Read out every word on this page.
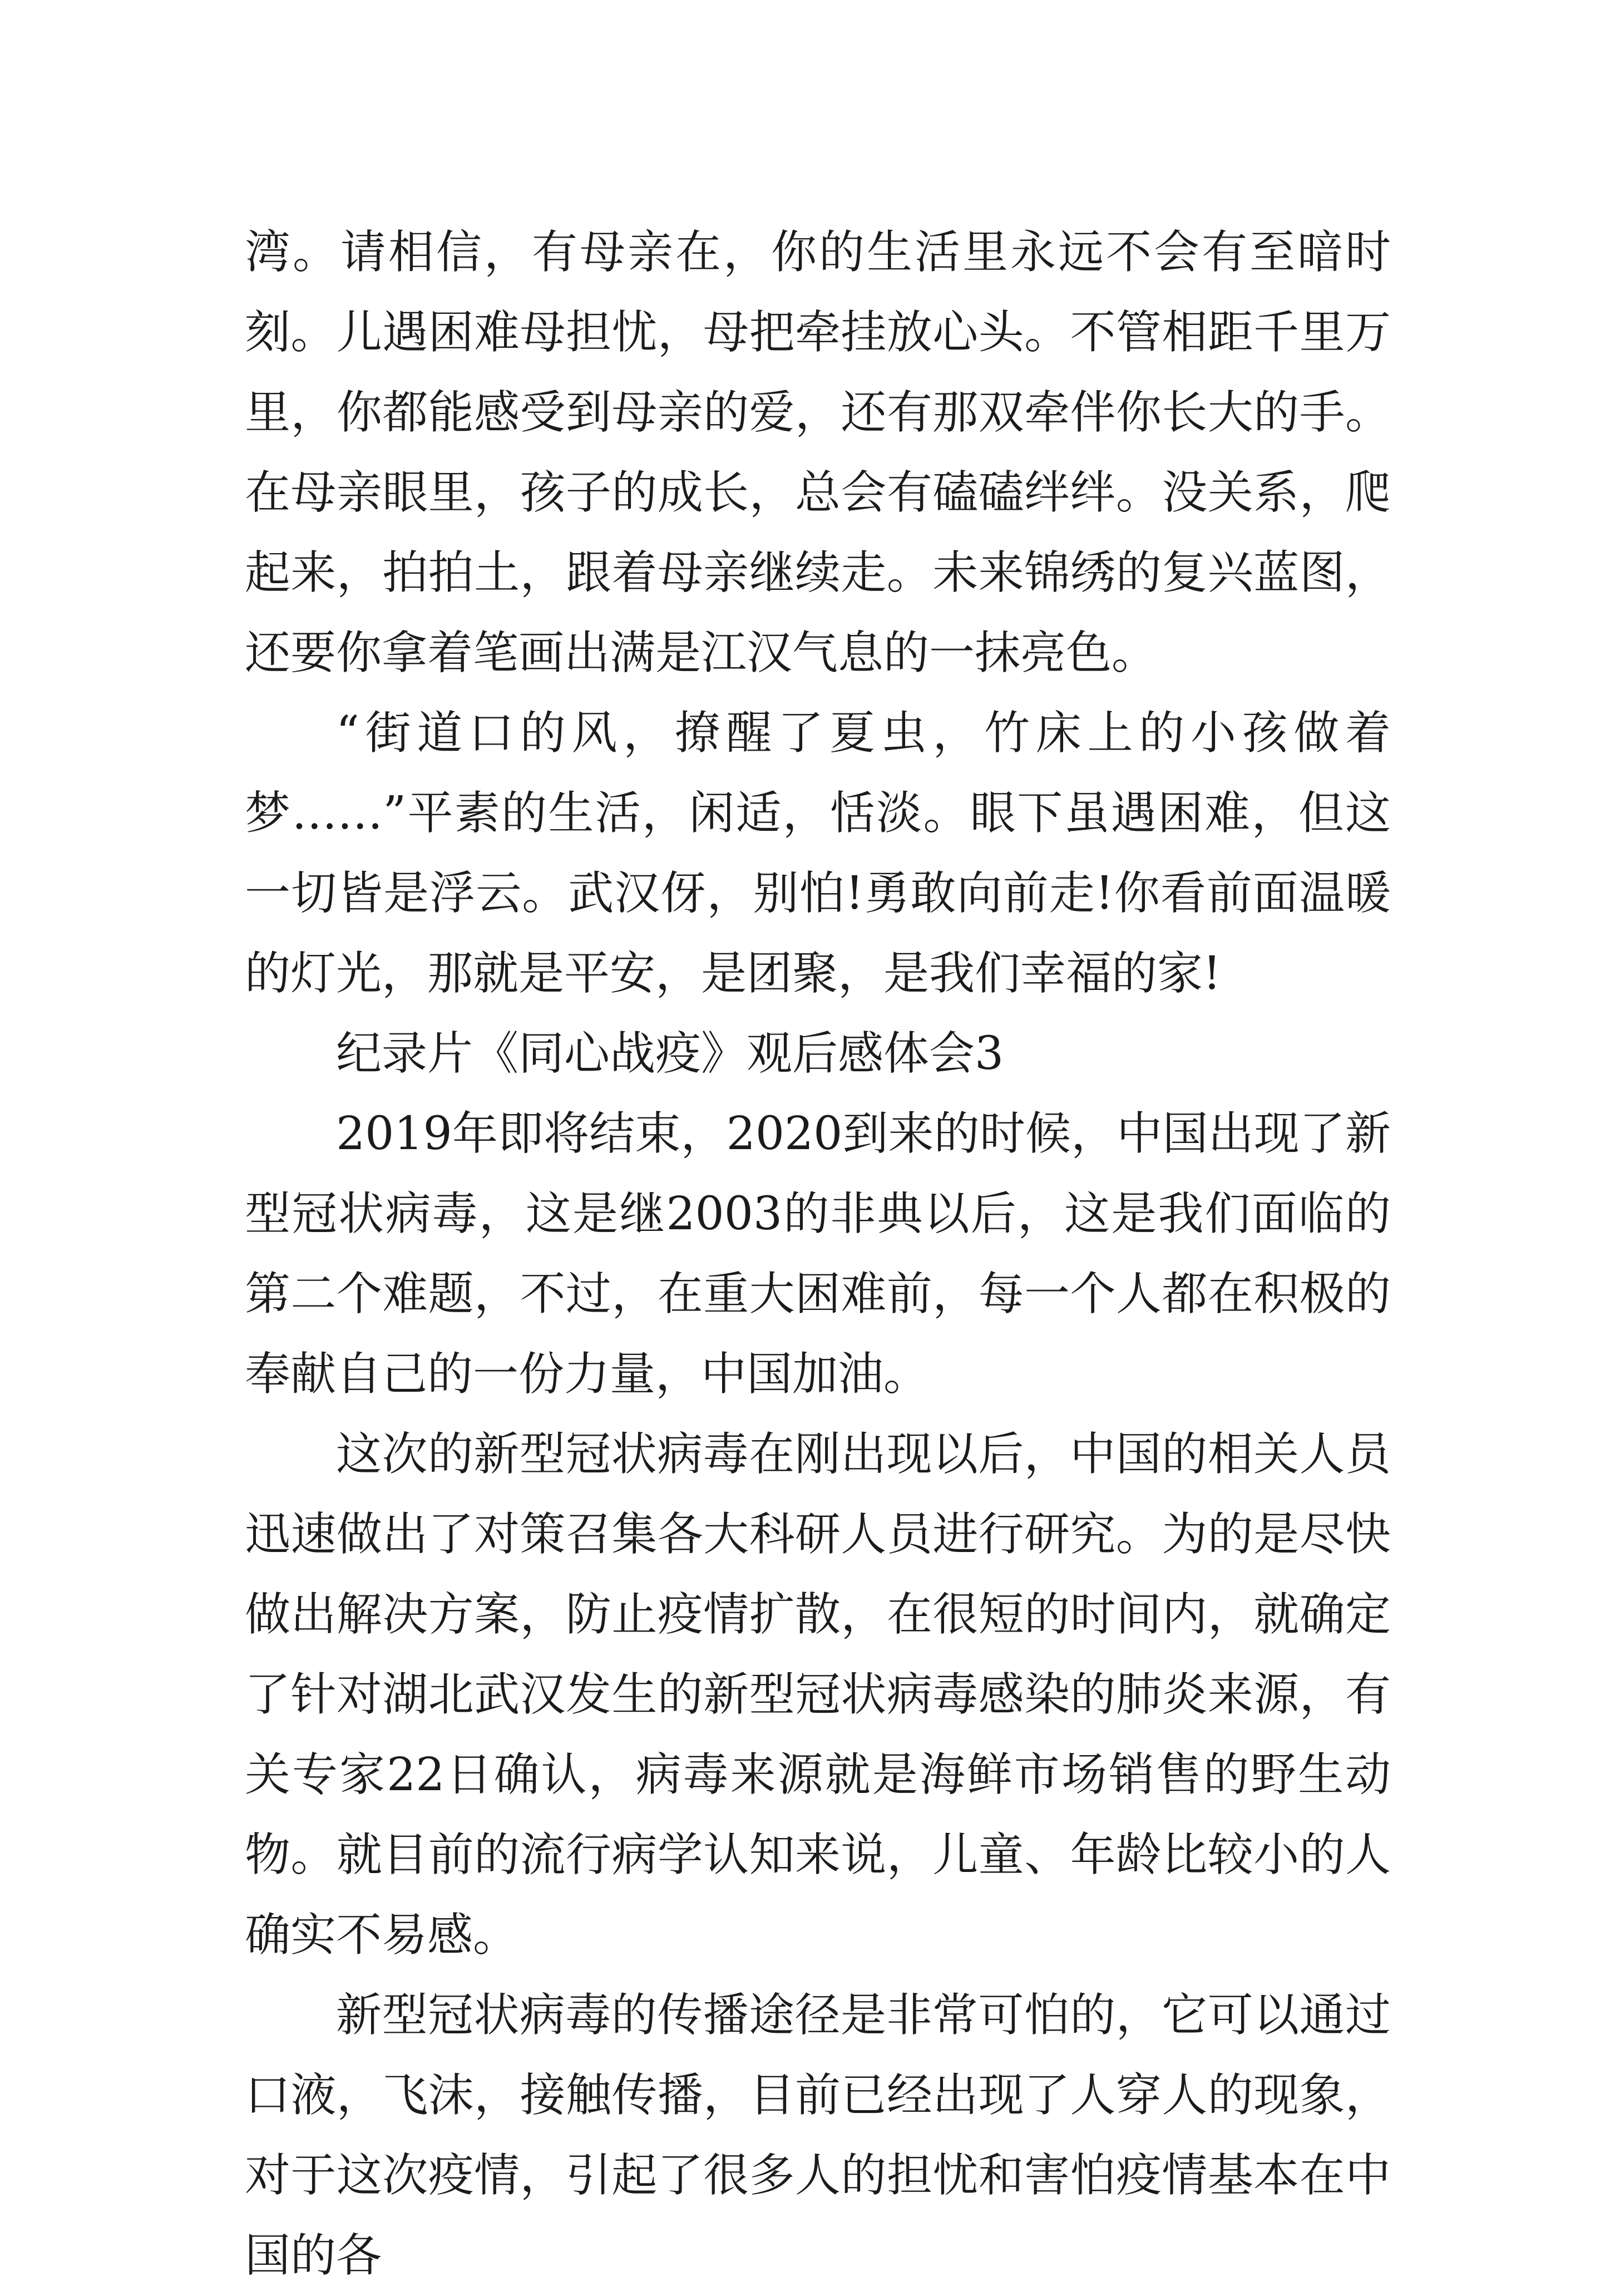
湾。请相信，有母亲在，你的生活里永远不会有至暗时刻。儿遇困难母担忧，母把牵挂放心头。不管相距千里万里，你都能感受到母亲的爱，还有那双牵伴你长大的手。在母亲眼里，孩子的成长，总会有磕磕绊绊。没关系，爬起来，拍拍土，跟着母亲继续走。未来锦绣的复兴蓝图，还要你拿着笔画出满是江汉气息的一抹亮色。

“街道口的风，撩醒了夏虫，竹床上的小孩做着梦……”平素的生活，闲适，恬淡。眼下虽遇困难，但这一切皆是浮云。武汉伢，别怕!勇敢向前走!你看前面温暖的灯光，那就是平安，是团聚，是我们幸福的家!

纪录片《同心战疫》观后感体会3

2019年即将结束，2020到来的时候，中国出现了新型冠状病毒，这是继2003的非典以后，这是我们面临的第二个难题，不过，在重大困难前，每一个人都在积极的奉献自己的一份力量，中国加油。

这次的新型冠状病毒在刚出现以后，中国的相关人员迅速做出了对策召集各大科研人员进行研究。为的是尽快做出解决方案，防止疫情扩散，在很短的时间内，就确定了针对湖北武汉发生的新型冠状病毒感染的肺炎来源，有关专家22日确认，病毒来源就是海鲜市场销售的野生动物。就目前的流行病学认知来说，儿童、年龄比较小的人确实不易感。

新型冠状病毒的传播途径是非常可怕的，它可以通过口液，飞沫，接触传播，目前已经出现了人穿人的现象，对于这次疫情，引起了很多人的担忧和害怕疫情基本在中国的各
